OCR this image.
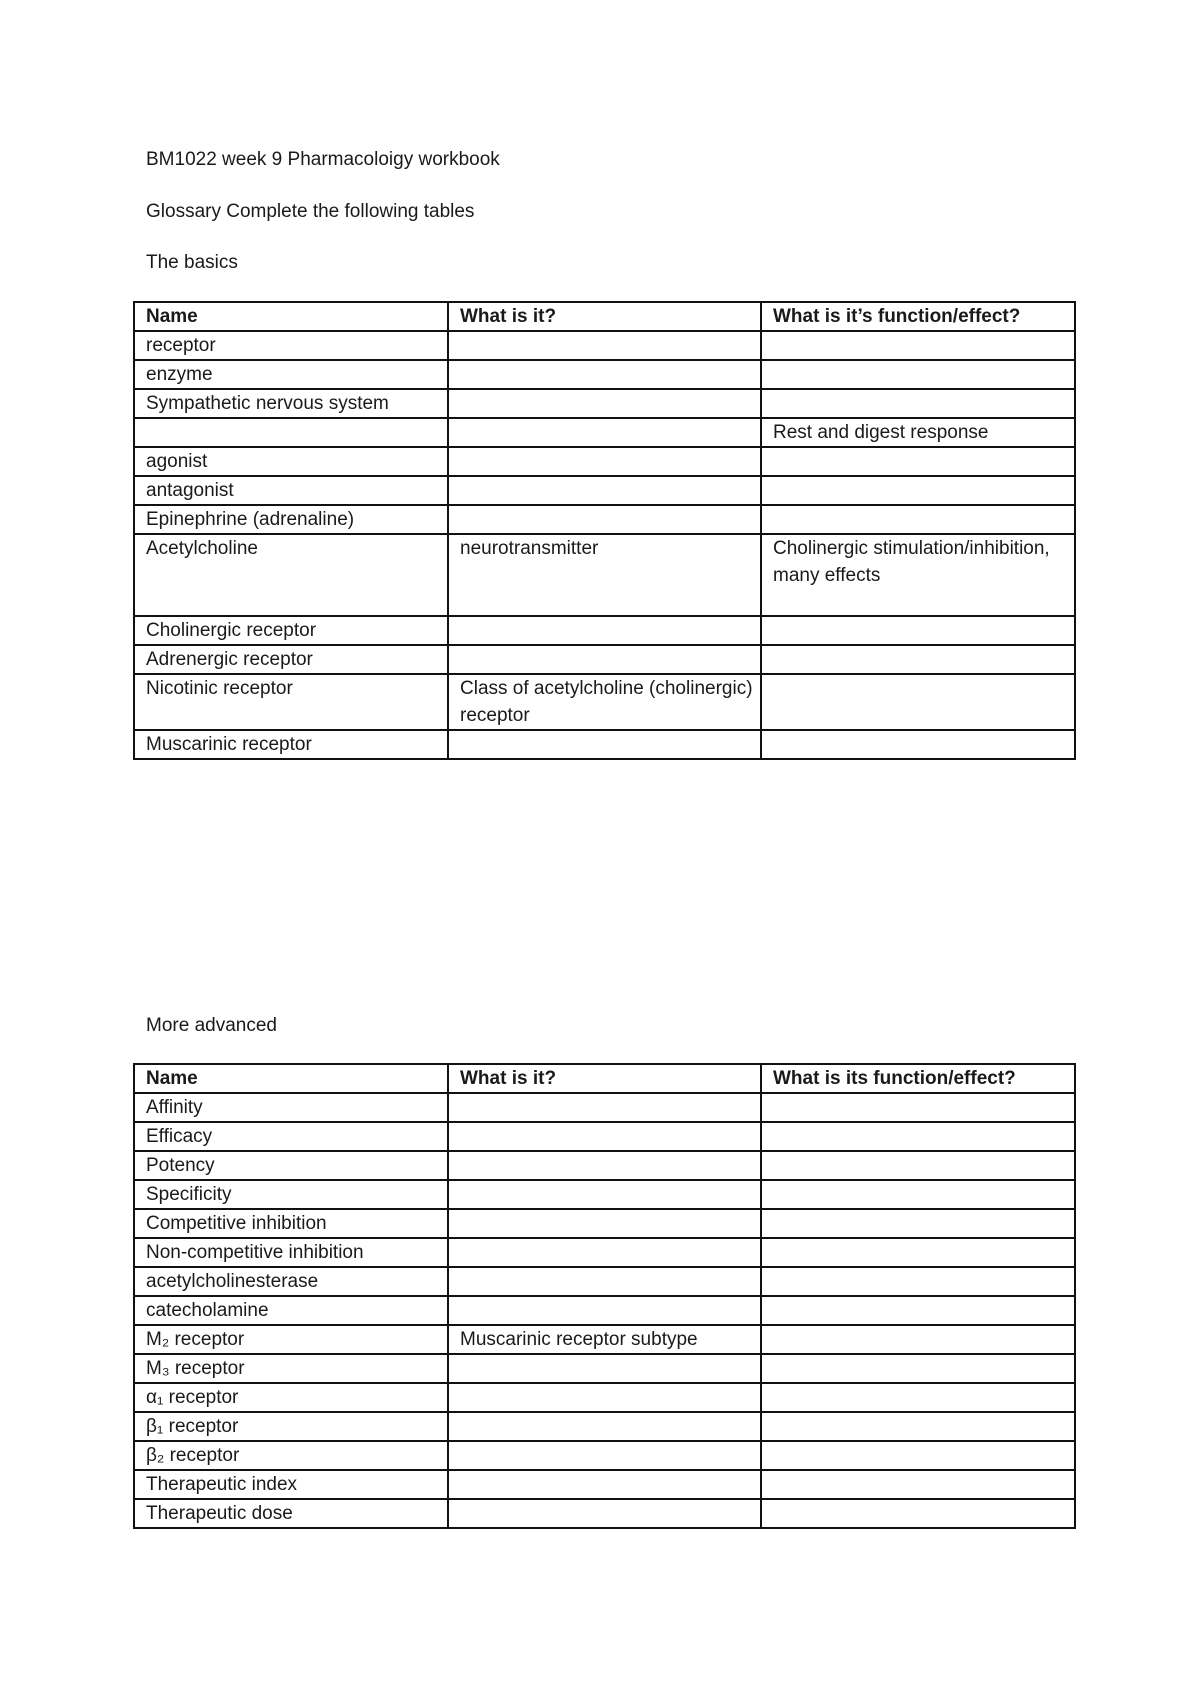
BM1022 week 9 Pharmacoloigy workbook
Glossary Complete the following tables
The basics
Name	What is it?	What is it’s function/effect?
receptor		
enzyme		
Sympathetic nervous system		
		Rest and digest response
agonist		
antagonist		
Epinephrine (adrenaline)		
Acetylcholine	neurotransmitter	Cholinergic stimulation/inhibition, many effects
Cholinergic receptor		
Adrenergic receptor		
Nicotinic receptor	Class of acetylcholine (cholinergic) receptor	
Muscarinic receptor		
More advanced
Name	What is it?	What is its function/effect?
Affinity		
Efficacy		
Potency		
Specificity		
Competitive inhibition		
Non-competitive inhibition		
acetylcholinesterase		
catecholamine		
M₂ receptor	Muscarinic receptor subtype	
M₃ receptor		
α₁ receptor		
β₁ receptor		
β₂ receptor		
Therapeutic index		
Therapeutic dose		
